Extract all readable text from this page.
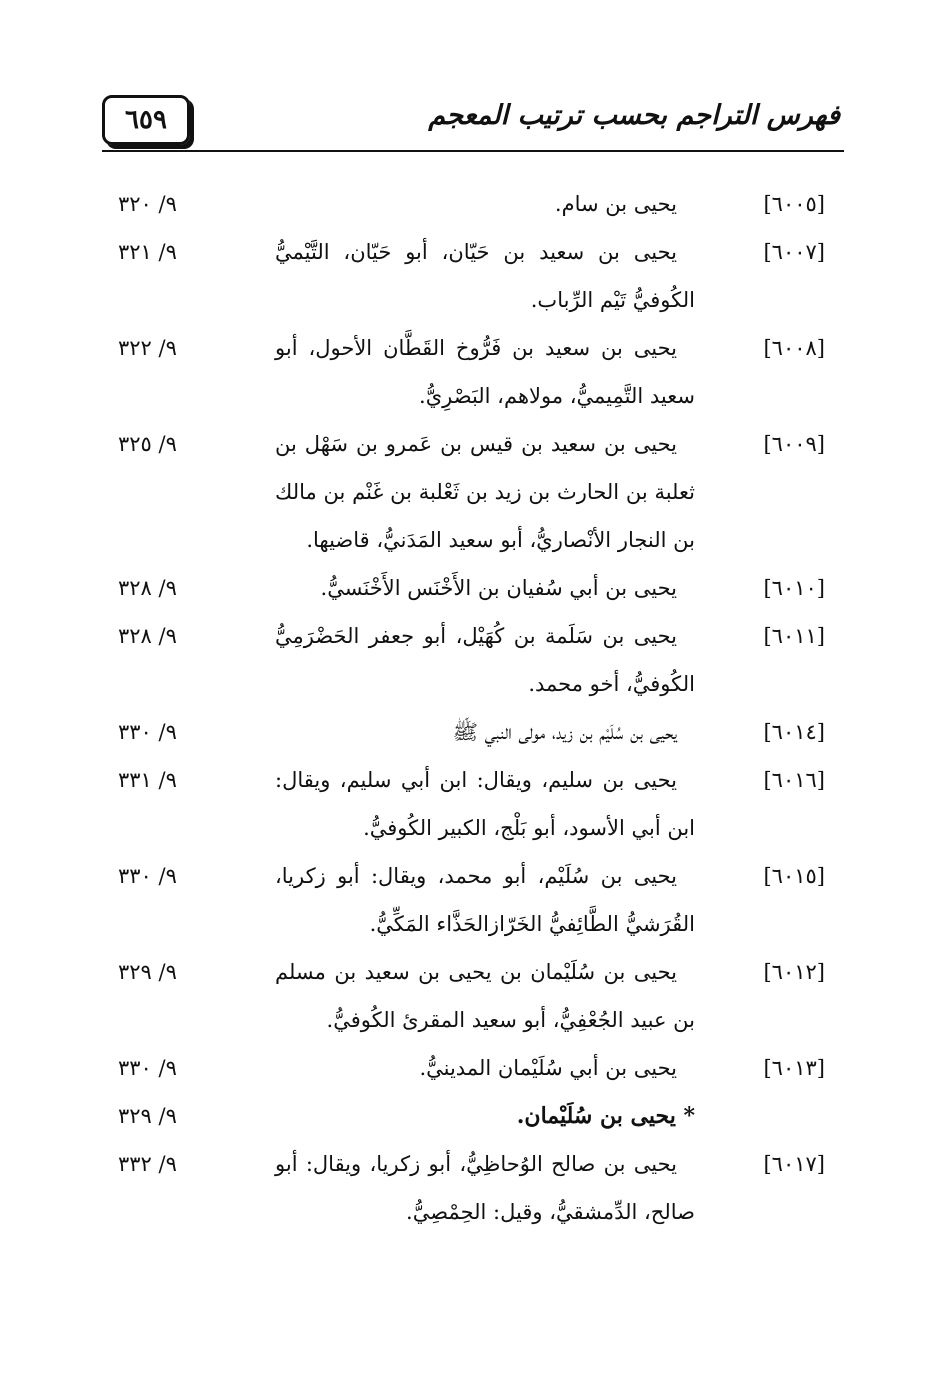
٦٥٩	فهرس التراجم بحسب ترتيب المعجم
[٦٠٠٥]
يحيى بن سام.
٩/ ٣٢٠
[٦٠٠٧]
يحيى بن سعيد بن حَيّان، أبو حَيّان، التَّيْميُّ الكُوفيُّ تَيْم الرِّباب.
٩/ ٣٢١
[٦٠٠٨]
يحيى بن سعيد بن فَرُّوخ القَطَّان الأحول، أبو سعيد التَّمِيميُّ، مولاهم، البَصْرِيُّ.
٩/ ٣٢٢
[٦٠٠٩]
يحيى بن سعيد بن قيس بن عَمرو بن سَهْل بن ثعلبة بن الحارث بن زيد بن ثَعْلبة بن غَنْم بن مالك بن النجار الأنْصاريُّ، أبو سعيد المَدَنيُّ، قاضيها.
٩/ ٣٢٥
[٦٠١٠]
يحيى بن أبي سُفيان بن الأَخْنَس الأَخْنَسيُّ.
٩/ ٣٢٨
[٦٠١١]
يحيى بن سَلَمة بن كُهَيْل، أبو جعفر الحَضْرَمِيُّ الكُوفيُّ، أخو محمد.
٩/ ٣٢٨
[٦٠١٤]
يحيى بن سُلَيْم بن زيد، مولى النبي ﷺ
٩/ ٣٣٠
[٦٠١٦]
يحيى بن سليم، ويقال: ابن أبي سليم، ويقال: ابن أبي الأسود، أبو بَلْج، الكبير الكُوفيُّ.
٩/ ٣٣١
[٦٠١٥]
يحيى بن سُلَيْم، أبو محمد، ويقال: أبو زكريا، القُرَشيُّ الطَّائِفيُّ الخَرّازالحَذَّاء المَكِّيُّ.
٩/ ٣٣٠
[٦٠١٢]
يحيى بن سُلَيْمان بن يحيى بن سعيد بن مسلم بن عبيد الجُعْفِيُّ، أبو سعيد المقرئ الكُوفيُّ.
٩/ ٣٢٩
[٦٠١٣]
يحيى بن أبي سُلَيْمان المدينيُّ.
٩/ ٣٣٠
* يحيى بن سُلَيْمان.
٩/ ٣٢٩
[٦٠١٧]
يحيى بن صالح الوُحاظِيُّ، أبو زكريا، ويقال: أبو صالح، الدِّمشقيُّ، وقيل: الحِمْصِيُّ.
٩/ ٣٣٢
